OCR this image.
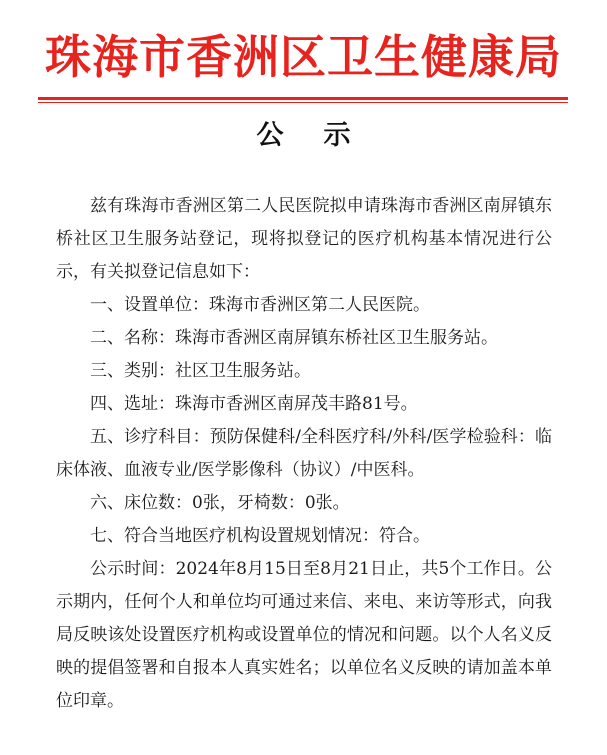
珠海市香洲区卫生健康局
公示

兹有珠海市香洲区第二人民医院拟申请珠海市香洲区南屏镇东桥社区卫生服务站登记，现将拟登记的医疗机构基本情况进行公示，有关拟登记信息如下：

一、设置单位：珠海市香洲区第二人民医院。

二、名称：珠海市香洲区南屏镇东桥社区卫生服务站。

三、类别：社区卫生服务站。

四、选址：珠海市香洲区南屏茂丰路81号。

五、诊疗科目：预防保健科/全科医疗科/外科/医学检验科：临床体液、血液专业/医学影像科（协议）/中医科。

六、床位数：0张，牙椅数：0张。

七、符合当地医疗机构设置规划情况：符合。

公示时间：2024年8月15日至8月21日止，共5个工作日。公示期内，任何个人和单位均可通过来信、来电、来访等形式，向我局反映该处设置医疗机构或设置单位的情况和问题。以个人名义反映的提倡签署和自报本人真实姓名；以单位名义反映的请加盖本单位印章。
